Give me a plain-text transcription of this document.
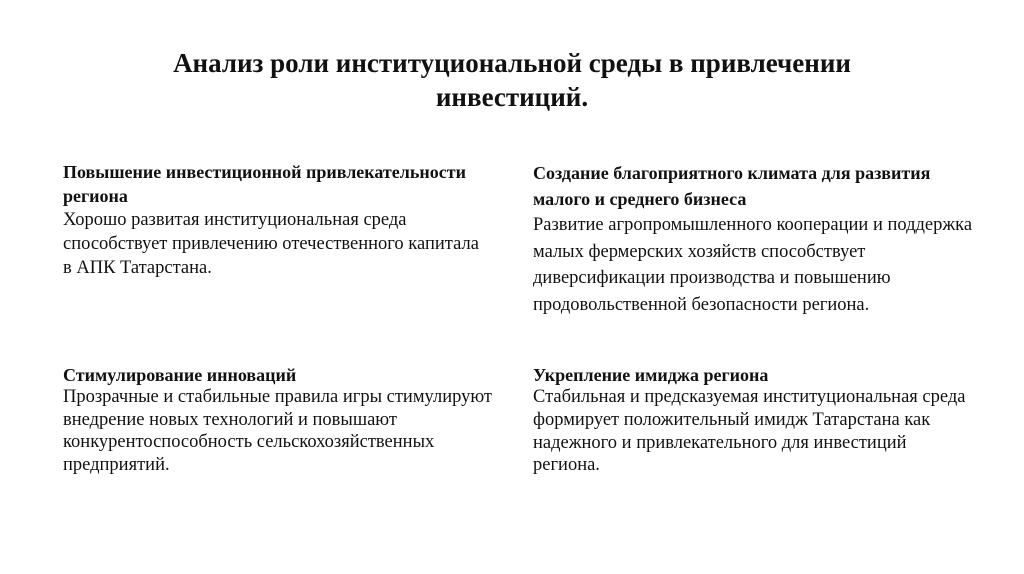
Анализ роли институциональной среды в привлечении инвестиций.
Повышение инвестиционной привлекательности региона
Хорошо развитая институциональная среда способствует привлечению отечественного капитала в АПК Татарстана.
Создание благоприятного климата для развития малого и среднего бизнеса
Развитие агропромышленного кооперации и поддержка малых фермерских хозяйств способствует диверсификации производства и повышению продовольственной безопасности региона.
Стимулирование инноваций
Прозрачные и стабильные правила игры стимулируют внедрение новых технологий и повышают конкурентоспособность сельскохозяйственных предприятий.
Укрепление имиджа региона
Стабильная и предсказуемая институциональная среда формирует положительный имидж Татарстана как надежного и привлекательного для инвестиций региона.
